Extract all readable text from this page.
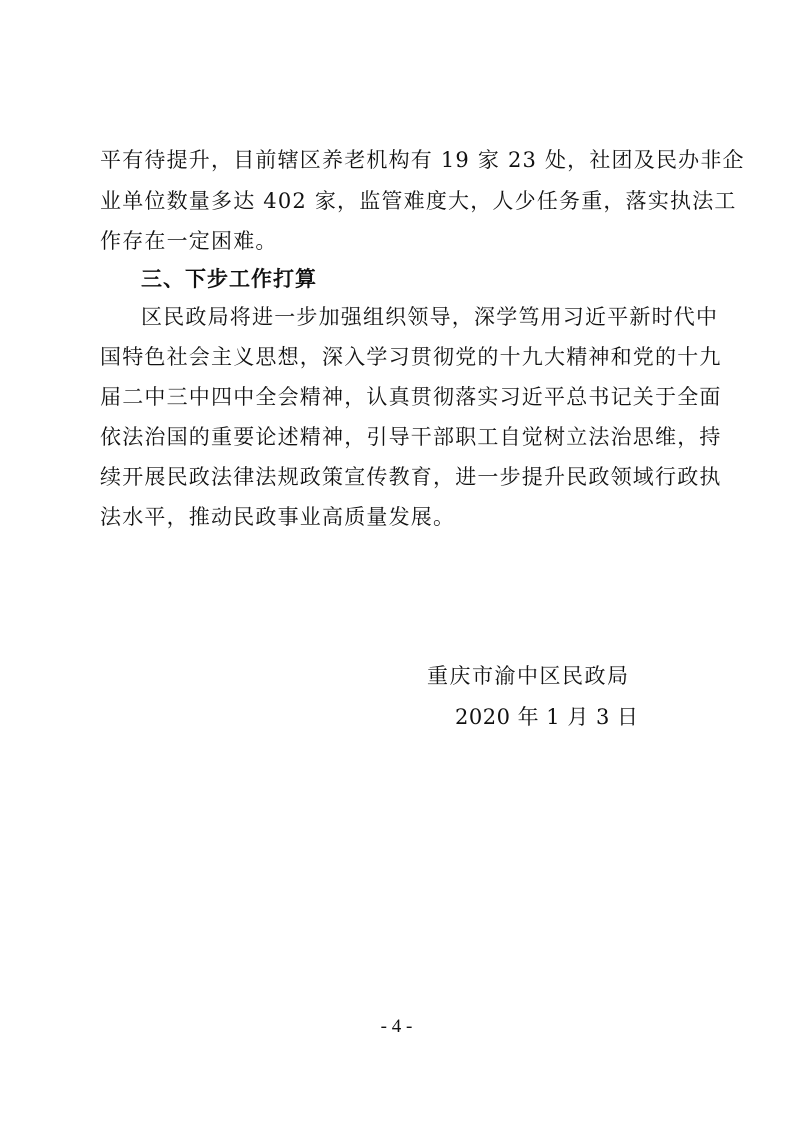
平有待提升，目前辖区养老机构有 19 家 23 处，社团及民办非企
业单位数量多达 402 家，监管难度大，人少任务重，落实执法工
作存在一定困难。
三、下步工作打算
区民政局将进一步加强组织领导，深学笃用习近平新时代中
国特色社会主义思想，深入学习贯彻党的十九大精神和党的十九
届二中三中四中全会精神，认真贯彻落实习近平总书记关于全面
依法治国的重要论述精神，引导干部职工自觉树立法治思维，持
续开展民政法律法规政策宣传教育，进一步提升民政领域行政执
法水平，推动民政事业高质量发展。
重庆市渝中区民政局
2020 年 1 月 3 日
- 4 -
